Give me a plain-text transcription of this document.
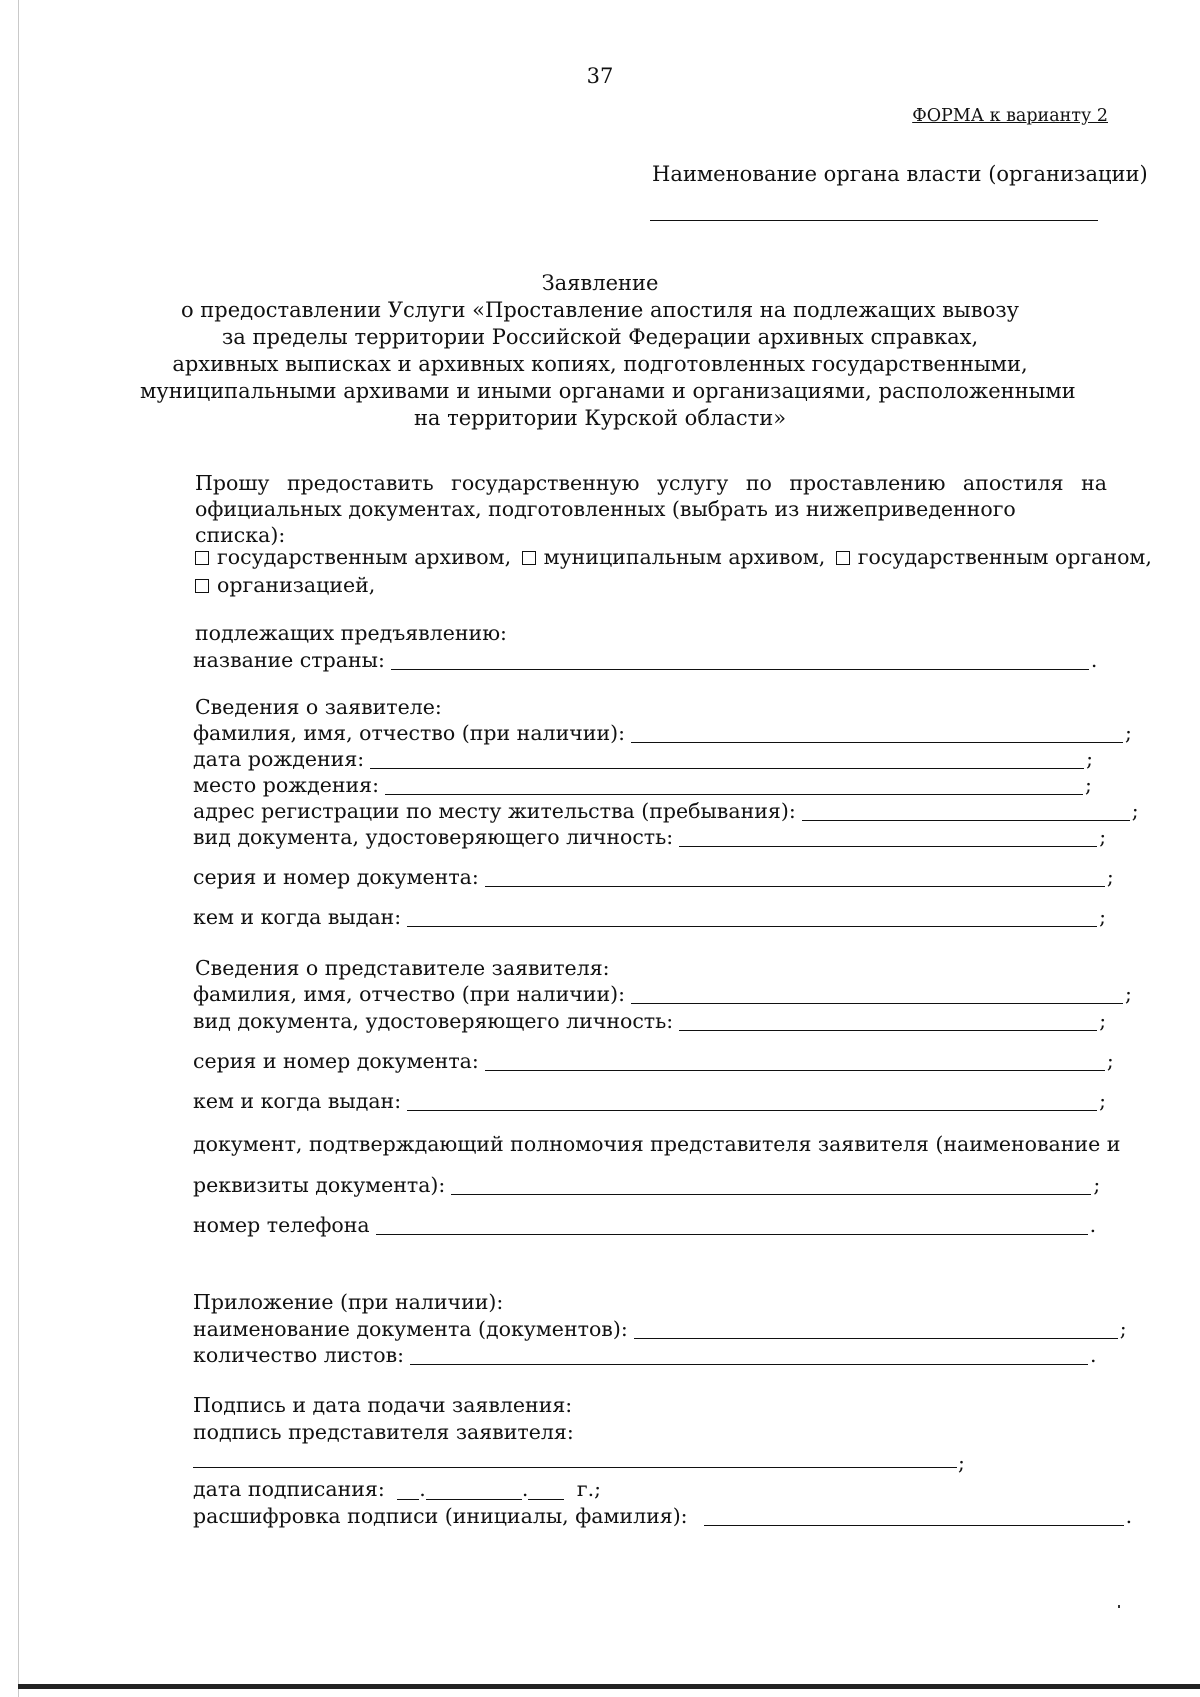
37
ФОРМА к варианту 2
Наименование органа власти (организации)
Заявление
о предоставлении Услуги «Проставление апостиля на подлежащих вывозу
за пределы территории Российской Федерации архивных справках,
архивных выписках и архивных копиях, подготовленных государственными,
муниципальными архивами и иными органами и организациями, расположенными
на территории Курской области»
Прошу предоставить государственную услугу по проставлению апостиля на
официальных документах, подготовленных (выбрать из нижеприведенного списка):
государственным архивом, муниципальным архивом, государственным органом,
организацией,
подлежащих предъявлению:
название страны:	.
Сведения о заявителе:
фамилия, имя, отчество (при наличии):	;
дата рождения:	;
место рождения:	;
адрес регистрации по месту жительства (пребывания):	;
вид документа, удостоверяющего личность:	;
серия и номер документа:	;
кем и когда выдан:	;
Сведения о представителе заявителя:
фамилия, имя, отчество (при наличии):	;
вид документа, удостоверяющего личность:	;
серия и номер документа:	;
кем и когда выдан:	;
документ, подтверждающий полномочия представителя заявителя (наименование и
реквизиты документа):	;
номер телефона	.
Приложение (при наличии):
наименование документа (документов):	;
количество листов:	.
Подпись и дата подачи заявления:
подпись представителя заявителя:
;
дата подписания: .	. г.;
расшифровка подписи (инициалы, фамилия):	.
